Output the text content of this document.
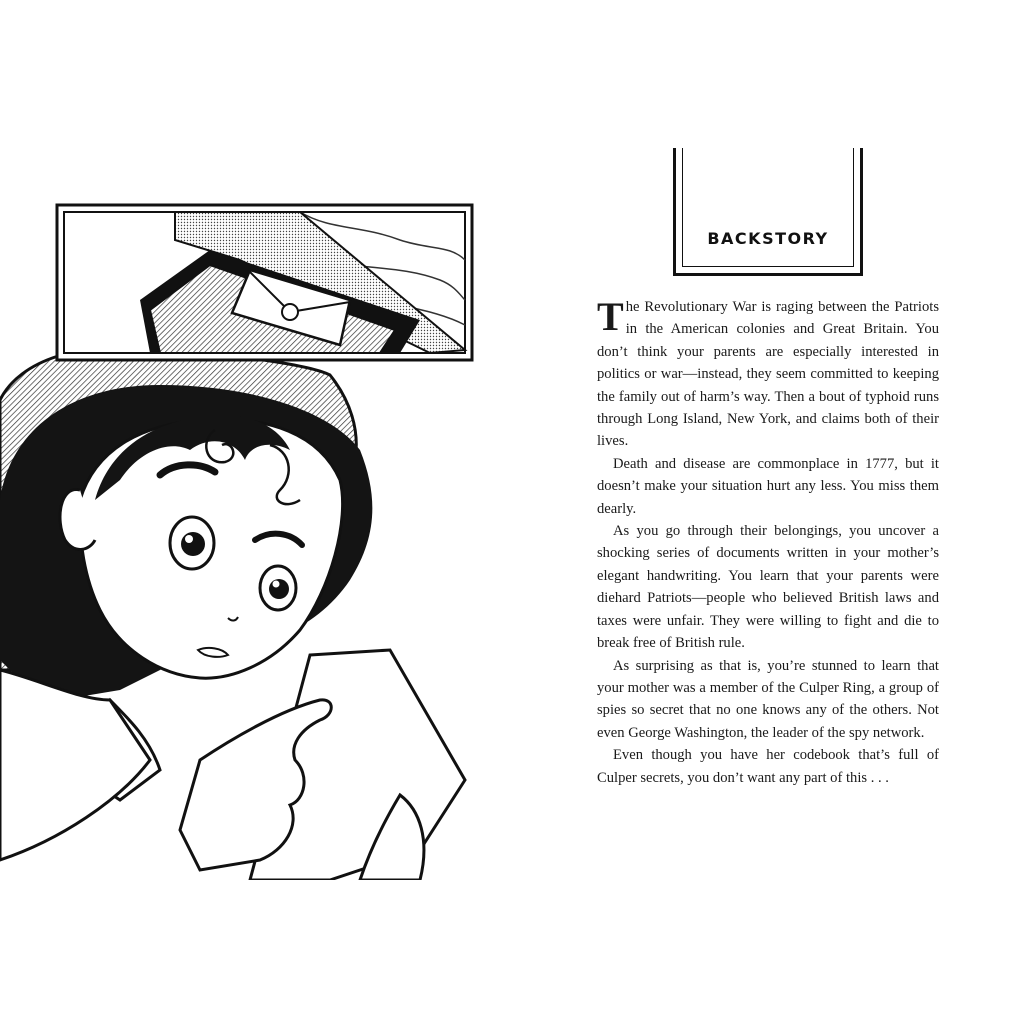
BACKSTORY

The Revolutionary War is raging between the Patriots in the American colonies and Great Britain. You don’t think your parents are especially interested in politics or war—instead, they seem committed to keeping the family out of harm’s way. Then a bout of typhoid runs through Long Island, New York, and claims both of their lives.

Death and disease are commonplace in 1777, but it doesn’t make your situation hurt any less. You miss them dearly.

As you go through their belongings, you uncover a shocking series of documents written in your mother’s elegant handwriting. You learn that your parents were diehard Patriots—people who believed British laws and taxes were unfair. They were willing to fight and die to break free of British rule.

As surprising as that is, you’re stunned to learn that your mother was a member of the Culper Ring, a group of spies so secret that no one knows any of the others. Not even George Washington, the leader of the spy network.

Even though you have her codebook that’s full of Culper secrets, you don’t want any part of this . . .
